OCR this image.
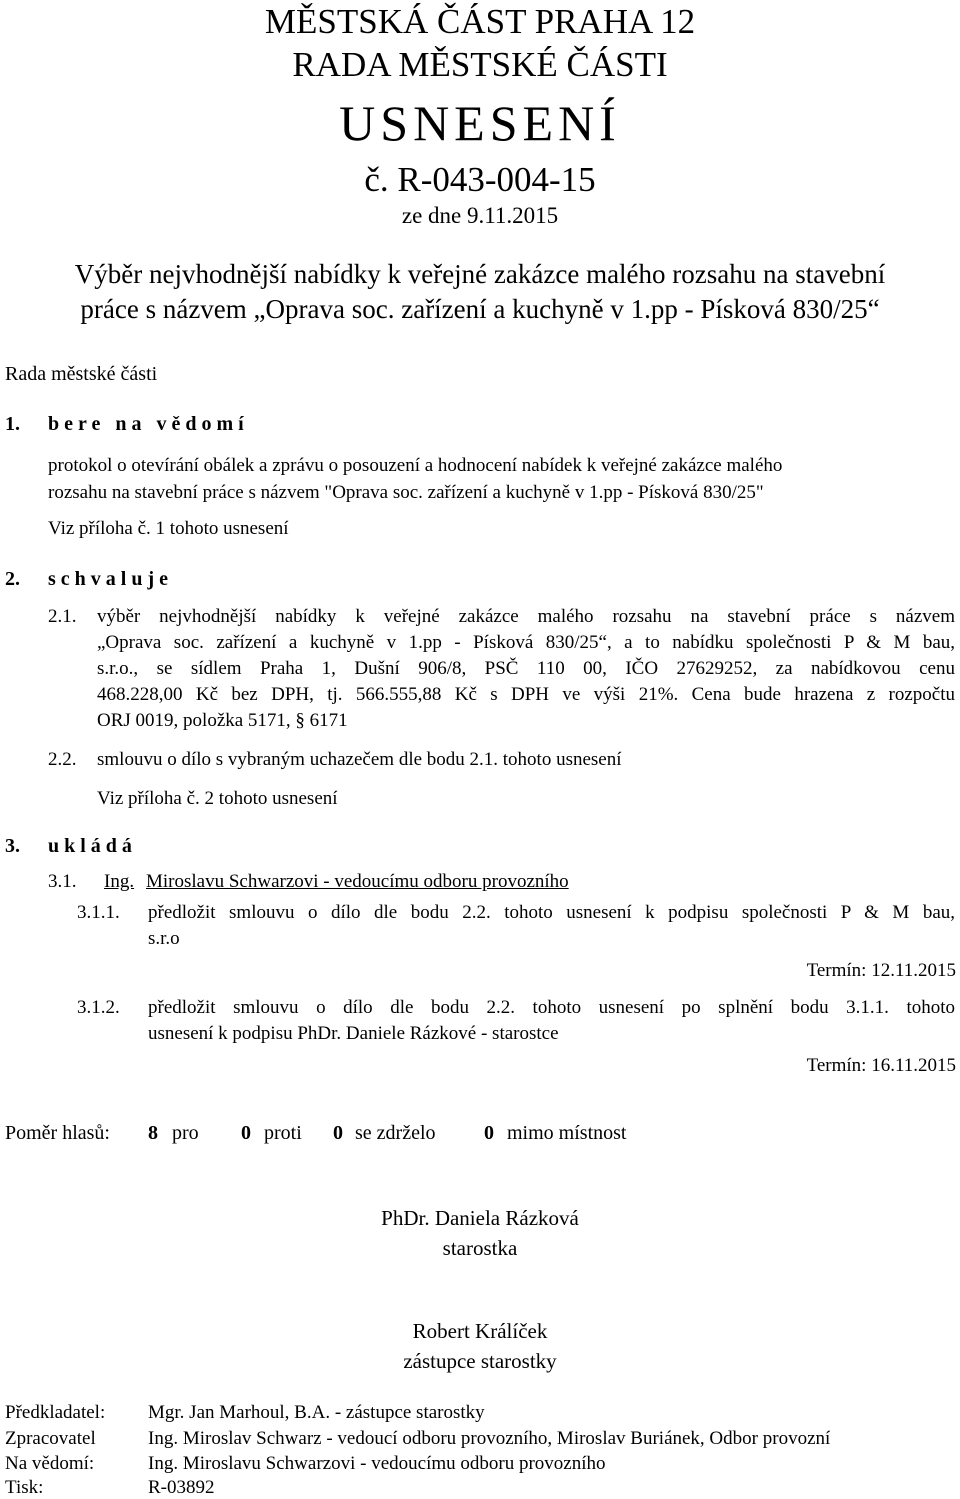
MĚSTSKÁ ČÁST PRAHA 12
RADA MĚSTSKÉ ČÁSTI
USNESENÍ
č. R-043-004-15
ze dne 9.11.2015
Výběr nejvhodnější nabídky k veřejné zakázce malého rozsahu na stavební
práce s názvem „Oprava soc. zařízení a kuchyně v 1.pp - Písková 830/25“
Rada městské části
1. bere na vědomí
protokol o otevírání obálek a zprávu o posouzení a hodnocení nabídek k veřejné zakázce malého
rozsahu na stavební práce s názvem "Oprava soc. zařízení a kuchyně v 1.pp - Písková 830/25"
Viz příloha č. 1 tohoto usnesení
2. schvaluje
2.1. výběr nejvhodnější nabídky k veřejné zakázce malého rozsahu na stavební práce s názvem
„Oprava soc. zařízení a kuchyně v 1.pp - Písková 830/25“, a to nabídku společnosti P & M bau,
s.r.o., se sídlem Praha 1, Dušní 906/8, PSČ 110 00, IČO 27629252, za nabídkovou cenu
468.228,00 Kč bez DPH, tj. 566.555,88 Kč s DPH ve výši 21%. Cena bude hrazena z rozpočtu
ORJ 0019, položka 5171, § 6171
2.2. smlouvu o dílo s vybraným uchazečem dle bodu 2.1. tohoto usnesení
Viz příloha č. 2 tohoto usnesení
3. ukládá
3.1. Ing. Miroslavu Schwarzovi - vedoucímu odboru provozního
3.1.1. předložit smlouvu o dílo dle bodu 2.2. tohoto usnesení k podpisu společnosti P & M bau,
s.r.o
Termín: 12.11.2015
3.1.2. předložit smlouvu o dílo dle bodu 2.2. tohoto usnesení po splnění bodu 3.1.1. tohoto
usnesení k podpisu PhDr. Daniele Rázkové - starostce
Termín: 16.11.2015
Poměr hlasů: 8 pro 0 proti 0 se zdrželo 0 mimo místnost
PhDr. Daniela Rázková
starostka
Robert Králíček
zástupce starostky
Předkladatel: Mgr. Jan Marhoul, B.A. - zástupce starostky
Zpracovatel	Ing. Miroslav Schwarz - vedoucí odboru provozního, Miroslav Buriánek, Odbor provozní
Na vědomí:	Ing. Miroslavu Schwarzovi - vedoucímu odboru provozního
Tisk:	R-03892
